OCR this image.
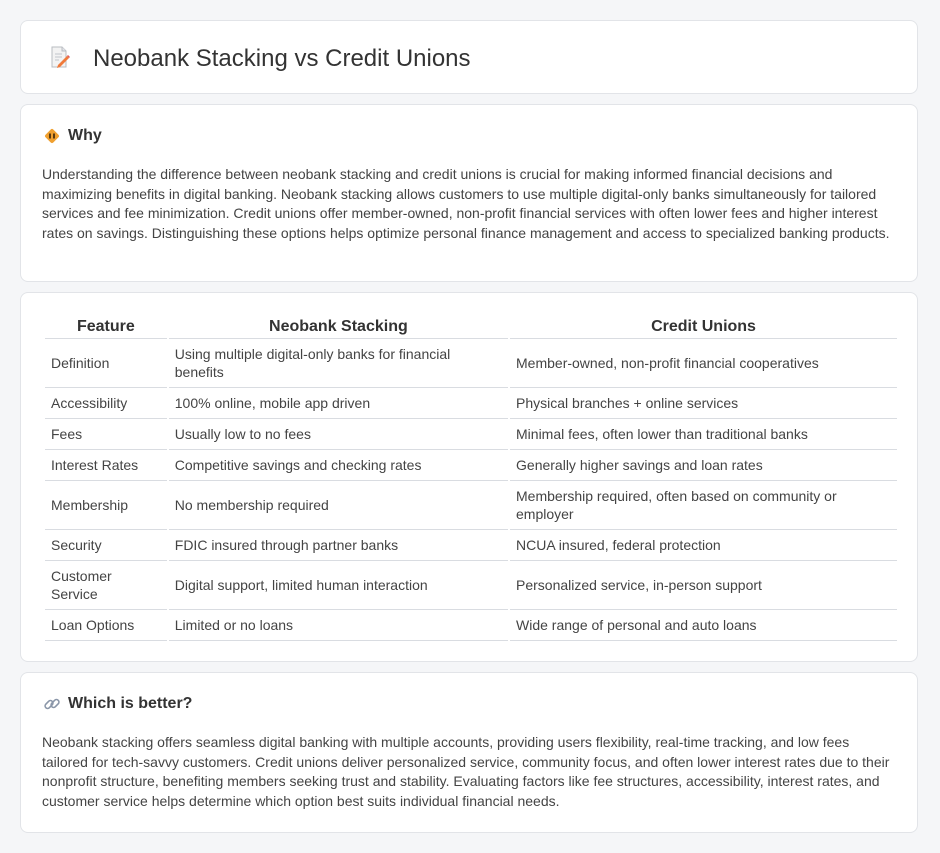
Neobank Stacking vs Credit Unions
Why

Understanding the difference between neobank stacking and credit unions is crucial for making informed financial decisions and maximizing benefits in digital banking. Neobank stacking allows customers to use multiple digital-only banks simultaneously for tailored services and fee minimization. Credit unions offer member-owned, non-profit financial services with often lower fees and higher interest rates on savings. Distinguishing these options helps optimize personal finance management and access to specialized banking products.

Feature	Neobank Stacking	Credit Unions
Definition	Using multiple digital-only banks for financial benefits	Member-owned, non-profit financial cooperatives
Accessibility	100% online, mobile app driven	Physical branches + online services
Fees	Usually low to no fees	Minimal fees, often lower than traditional banks
Interest Rates	Competitive savings and checking rates	Generally higher savings and loan rates
Membership	No membership required	Membership required, often based on community or employer
Security	FDIC insured through partner banks	NCUA insured, federal protection
Customer Service	Digital support, limited human interaction	Personalized service, in-person support
Loan Options	Limited or no loans	Wide range of personal and auto loans
Which is better?

Neobank stacking offers seamless digital banking with multiple accounts, providing users flexibility, real-time tracking, and low fees tailored for tech-savvy customers. Credit unions deliver personalized service, community focus, and often lower interest rates due to their nonprofit structure, benefiting members seeking trust and stability. Evaluating factors like fee structures, accessibility, interest rates, and customer service helps determine which option best suits individual financial needs.
